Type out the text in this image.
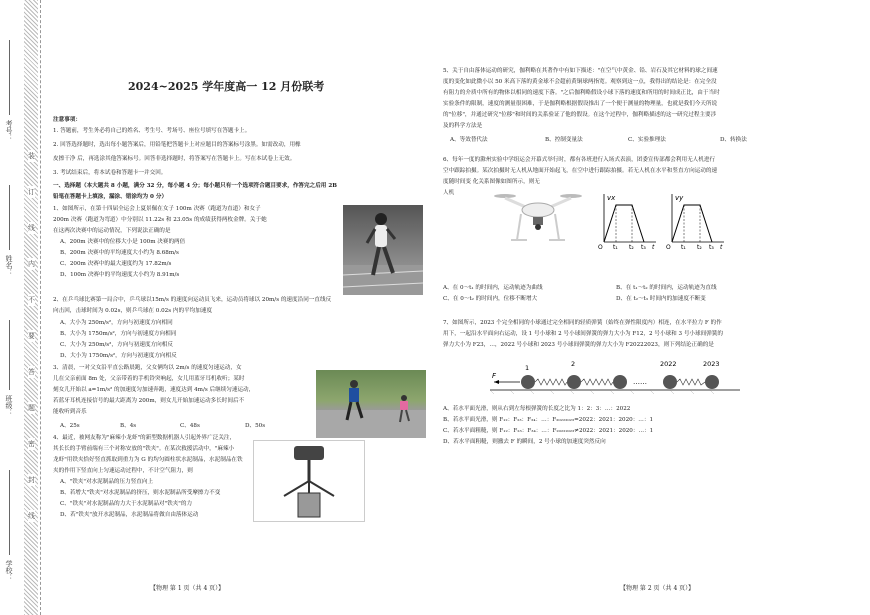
考号：
姓名：
班级：
学校：
装
订
线
内
不
要
答
题
密
封
线
2024~2025 学年度高一 12 月份联考
注意事项：
1. 答题前，考生务必将自己的姓名、考生号、考场号、座位号填写在答题卡上。
2. 回答选择题时，选出每小题答案后，用铅笔把答题卡上对应题目的答案标号涂黑。如需改动，用橡
皮擦干净 后，再选涂其他答案标号。回答非选择题时，将答案写在答题卡上。写在本试卷上无效。
3. 考试结束后，将本试卷和答题卡一并交回。
一、选择题（本大题共 8 小题，满分 32 分，每小题 4 分；每小题只有一个选项符合题目要求，作答完之后用 2B
铅笔在答题卡上填涂，漏涂、错涂均为 0 分）
1、如图所示，在第十四届全运会上夏景佩在女子 100m 决赛（跑道为直道）和女子
200m 决赛（跑道为弯道）中分别以 11.22s 和 23.05s 的成绩获得两枚金牌。关于她
在这两次决赛中的运动情况，下列说法正确的是
A、200m 决赛中的位移大小是 100m 决赛的两倍
B、200m 决赛中的平均速度大小约为 8.68m/s
C、200m 决赛中的最大速度约为 17.82m/s
D、100m 决赛中的平均速度大小约为 8.91m/s
2、在乒乓球比赛第一局合中，乒乓球以15m/s 的速度向运动员飞来，运动员将球以 20m/s 的速度沿同一直线反
向击回，击球时间为 0.02s，则乒乓球在 0.02s 内的平均加速度
A、大小为 250m/s²，方向与初速度方向相同
B、大小为 1750m/s²，方向与初速度方向相同
C、大小为 250m/s²，方向与初速度方向相反
D、大小为 1750m/s²，方向与初速度方向相反
3、清晨，一对父女沿平直公路晨跑，父女俩均以 2m/s 的速度匀速运动，女
儿在父亲前面 8m 处，父亲带着的手机铃突响起，女儿用蓝牙耳机收听；某时
刻女儿开始以 a=1m/s² 的加速度匀加速奔跑，速度达到 4m/s 后继续匀速运动，
若蓝牙耳机连接信号的最大距离为 200m，则女儿开始加速运动多长时间后不
能收听到音乐
A、25s	B、4s	C、48s	D、50s
4、最近，被网友称为"麻辣小龙虾"的新型数据机器人引起外界广泛关注，
其长长的手臂前端有三个对称安放的"铁夹"。在某次救援活动中，"麻辣小
龙虾"用铁夹恰好竖直抓取到重力为 G 的均匀圆柱状水泥制品，水泥制品在铁
夹的作用下竖直向上匀速运动过程中，不计空气阻力，则
A、"铁夹"对水泥制品的压力竖直向上
B、若增大"铁夹"对水泥制品的挤压，则水泥制品所受摩擦力不变
C、"铁夹"对水泥制品的力大于水泥制品对"铁夹"的力
D、若"铁夹"放开水泥制品，水泥制品将做自由落体运动
【物理 第 1 页（共 4 页）】
5、关于自由落体运动的研究，伽利略在其著作中有如下描述："在空气中黄金、铅、岩石及其它材料的球之间速
度的变化如此微小以 50 米高下落的黄金球不会超前黄铜球两指宽。观察到这一点，我得出的结论是：在完全没
有阻力的介质中所有的物体以相同的速度下落。"之后伽利略假设小球下落的速度和所用的时间成正比，由于当时
实验条件的限制，速度的测量很困难，于是伽利略根据假设推出了一个便于测量的物理量，也就是我们今天所说
的"位移"，并通过研究"位移"和时间的关系验证了他的假设。在这个过程中，伽利略描述的这一研究过程主要涉
及的科学方法是
A、等效替代法	B、控制变量法	C、实验推理法	D、转换法
6、每年一度的滁州实验中学组运会开幕式举行时，都有各班进行入场式表演，团委宣传部都会利用无人机进行
空中跟踪拍摄。某次拍摄时无人机从地面开始起飞，在空中进行跟踪拍摄。若无人机在水平和竖直方向运动的速
度随时间变 化关系图像如图所示，则无
人机
vx
O t₁ t₂ t₃ t
vy
O t₁ t₂ t₃ t
A、在 0～t₁ 的时间内，运动轨迹为曲线	B、在 t₁～t₂ 的时间内，运动轨迹为直线
C、在 0～t₂ 的时间内，位移不断增大	D、在 t₂～t₃ 时间内的加速度不断变
7、如图所示，2023 个完全相同的小球通过完全相同的轻质弹簧（始终在弹性限度内）相连，在水平拉力 F 的作
用下，一起沿水平面向右运动，设 1 号小球和 2 号小球间弹簧的弹力大小为 F12，2 号小球和 3 号小球间弹簧的
弹力大小为 F23，…，2022 号小球和 2023 号小球间弹簧的弹力大小为 F20222023，则下列结论正确的是
F
……
1	2	2022	2023
A、若水平面光滑，则从右到左每根弹簧的长度之比为 1：2：3：…：2022
B、若水平面光滑，则 F₁₂：F₂₃：F₃₄：…：F₂₀₂₂₂₀₂₃=2022：2021：2020：…：1
C、若水平面粗糙，则 F₁₂：F₂₃：F₃₄：…：F₂₀₂₂₂₀₂₃≠2022：2021：2020：…：1
D、若水平面粗糙，则撤去 F 的瞬间，2 号小球的加速度突然反向
【物理 第 2 页（共 4 页）】
